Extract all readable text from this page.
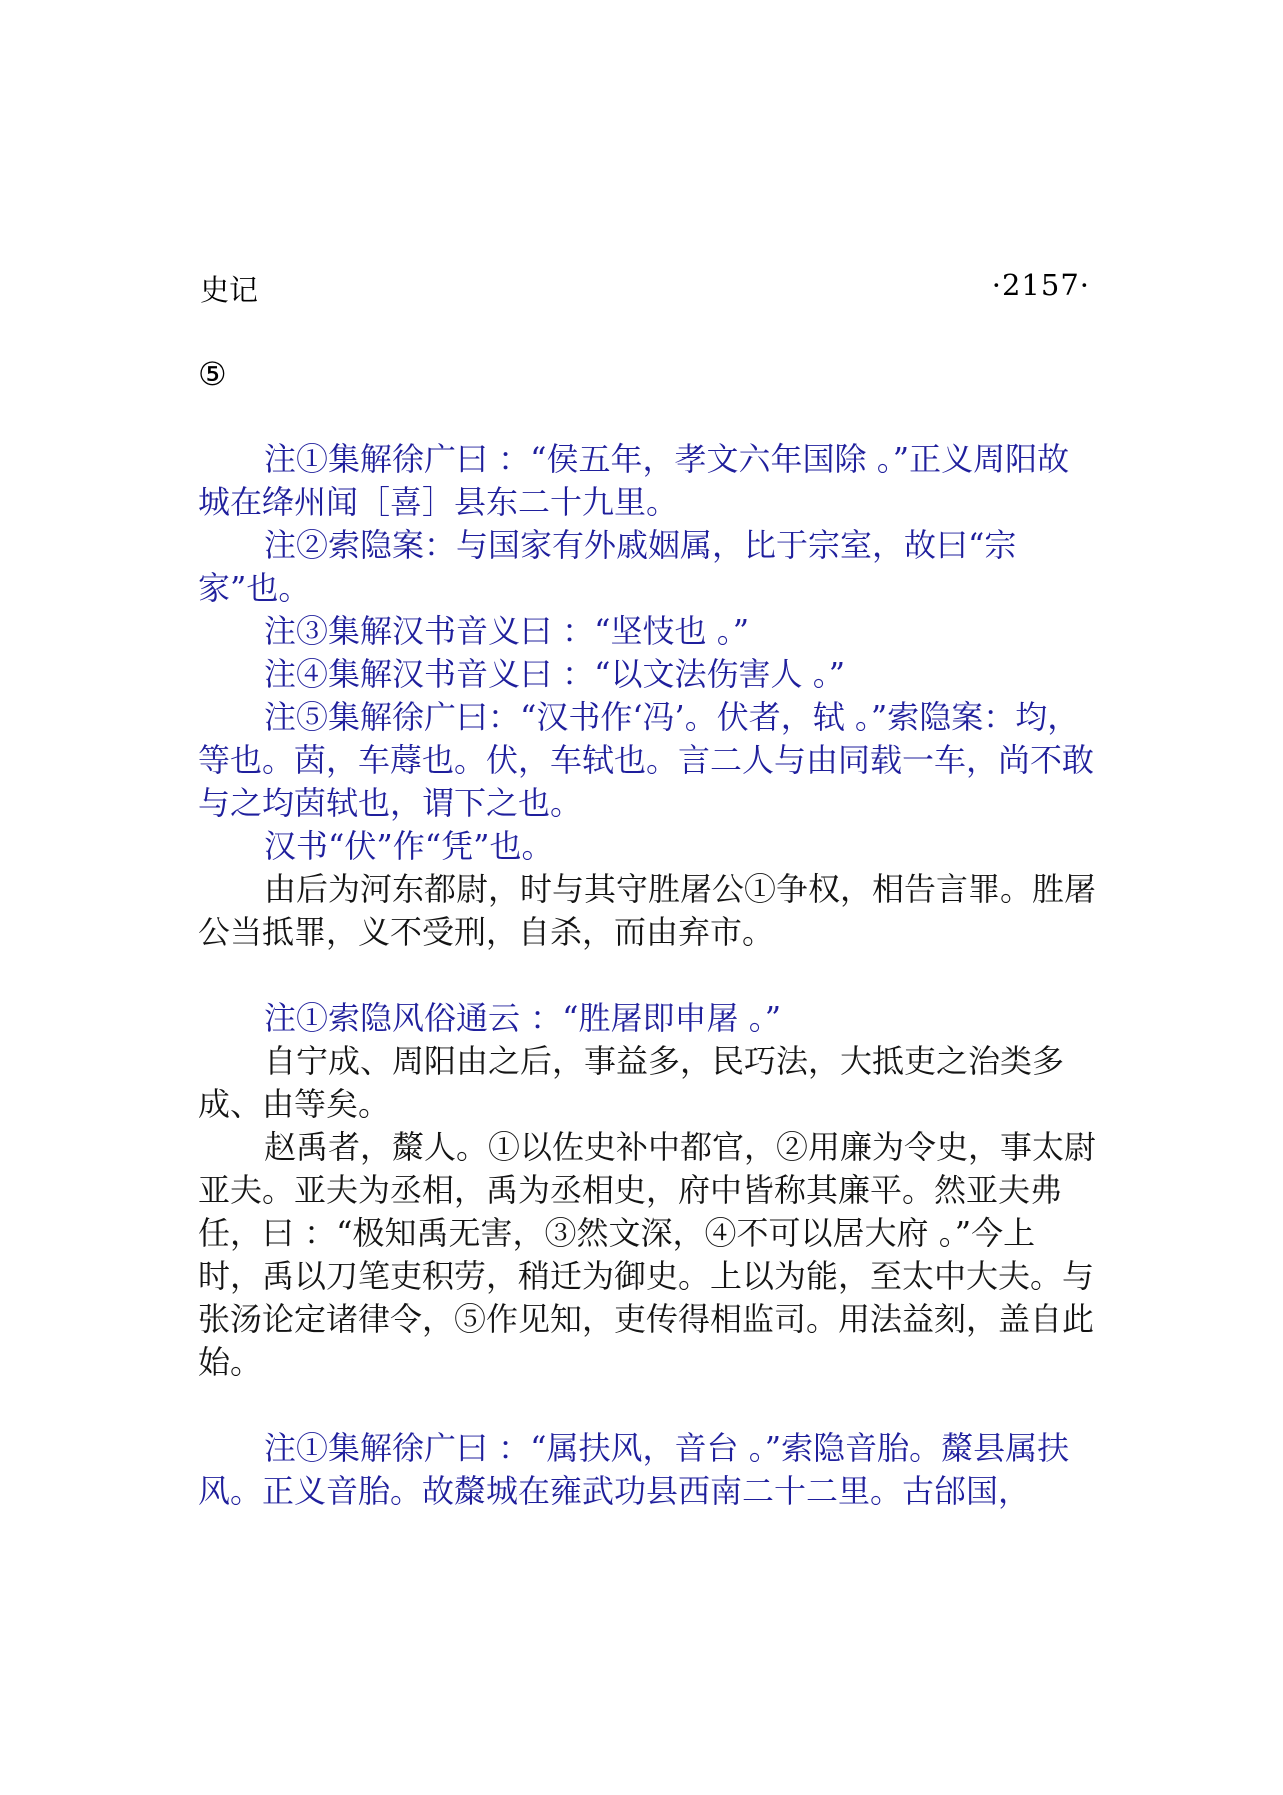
史记	·2157·
⑤

注①集解徐广曰 ：“侯五年，孝文六年国除 。”正义周阳故城在绛州闻［喜］县东二十九里。

注②索隐案：与国家有外戚姻属，比于宗室，故曰“宗家”也。

注③集解汉书音义曰 ：“坚忮也 。”

注④集解汉书音义曰 ：“以文法伤害人 。”

注⑤集解徐广曰：“汉书作‘冯’。伏者，轼 。”索隐案：均，等也。茵，车蓐也。伏，车轼也。言二人与由同载一车，尚不敢与之均茵轼也，谓下之也。

汉书“伏”作“凭”也。

由后为河东都尉，时与其守胜屠公①争权，相告言罪。胜屠公当抵罪，义不受刑，自杀，而由弃市。

注①索隐风俗通云 ：“胜屠即申屠 。”

自宁成、周阳由之后，事益多，民巧法，大抵吏之治类多成、由等矣。

赵禹者，斄人。①以佐史补中都官，②用廉为令史，事太尉亚夫。亚夫为丞相，禹为丞相史，府中皆称其廉平。然亚夫弗任，曰 ：“极知禹无害，③然文深，④不可以居大府 。”今上时，禹以刀笔吏积劳，稍迁为御史。上以为能，至太中大夫。与张汤论定诸律令，⑤作见知，吏传得相监司。用法益刻，盖自此始。

注①集解徐广曰 ：“属扶风，音台 。”索隐音胎。斄县属扶风。正义音胎。故斄城在雍武功县西南二十二里。古邰国，
